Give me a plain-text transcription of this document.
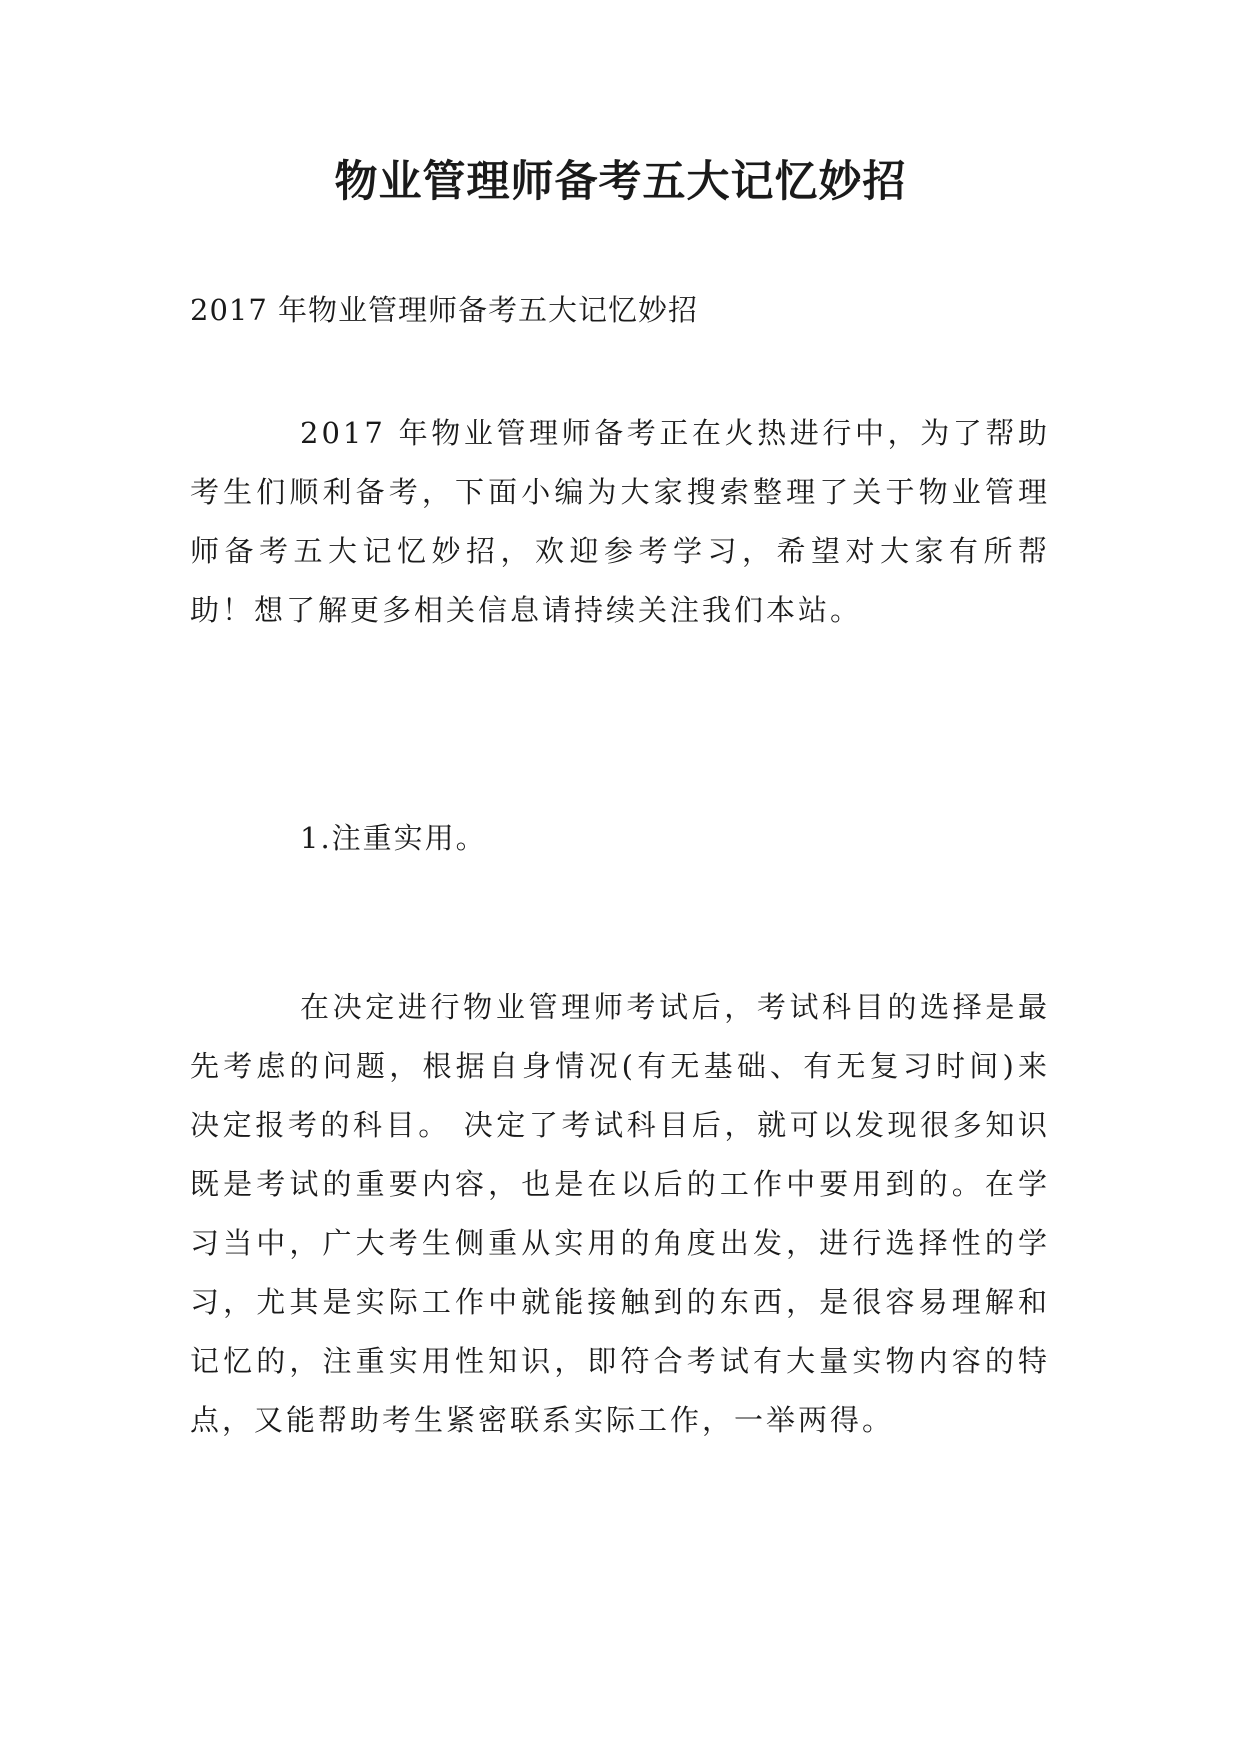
物业管理师备考五大记忆妙招
2017 年物业管理师备考五大记忆妙招

2017 年物业管理师备考正在火热进行中，为了帮助考生们顺利备考，下面小编为大家搜索整理了关于物业管理师备考五大记忆妙招，欢迎参考学习，希望对大家有所帮助！想了解更多相关信息请持续关注我们本站。

1.注重实用。

在决定进行物业管理师考试后，考试科目的选择是最先考虑的问题，根据自身情况(有无基础、有无复习时间)来决定报考的科目。 决定了考试科目后，就可以发现很多知识既是考试的重要内容，也是在以后的工作中要用到的。在学习当中，广大考生侧重从实用的角度出发，进行选择性的学习，尤其是实际工作中就能接触到的东西，是很容易理解和记忆的，注重实用性知识，即符合考试有大量实物内容的特点，又能帮助考生紧密联系实际工作，一举两得。
